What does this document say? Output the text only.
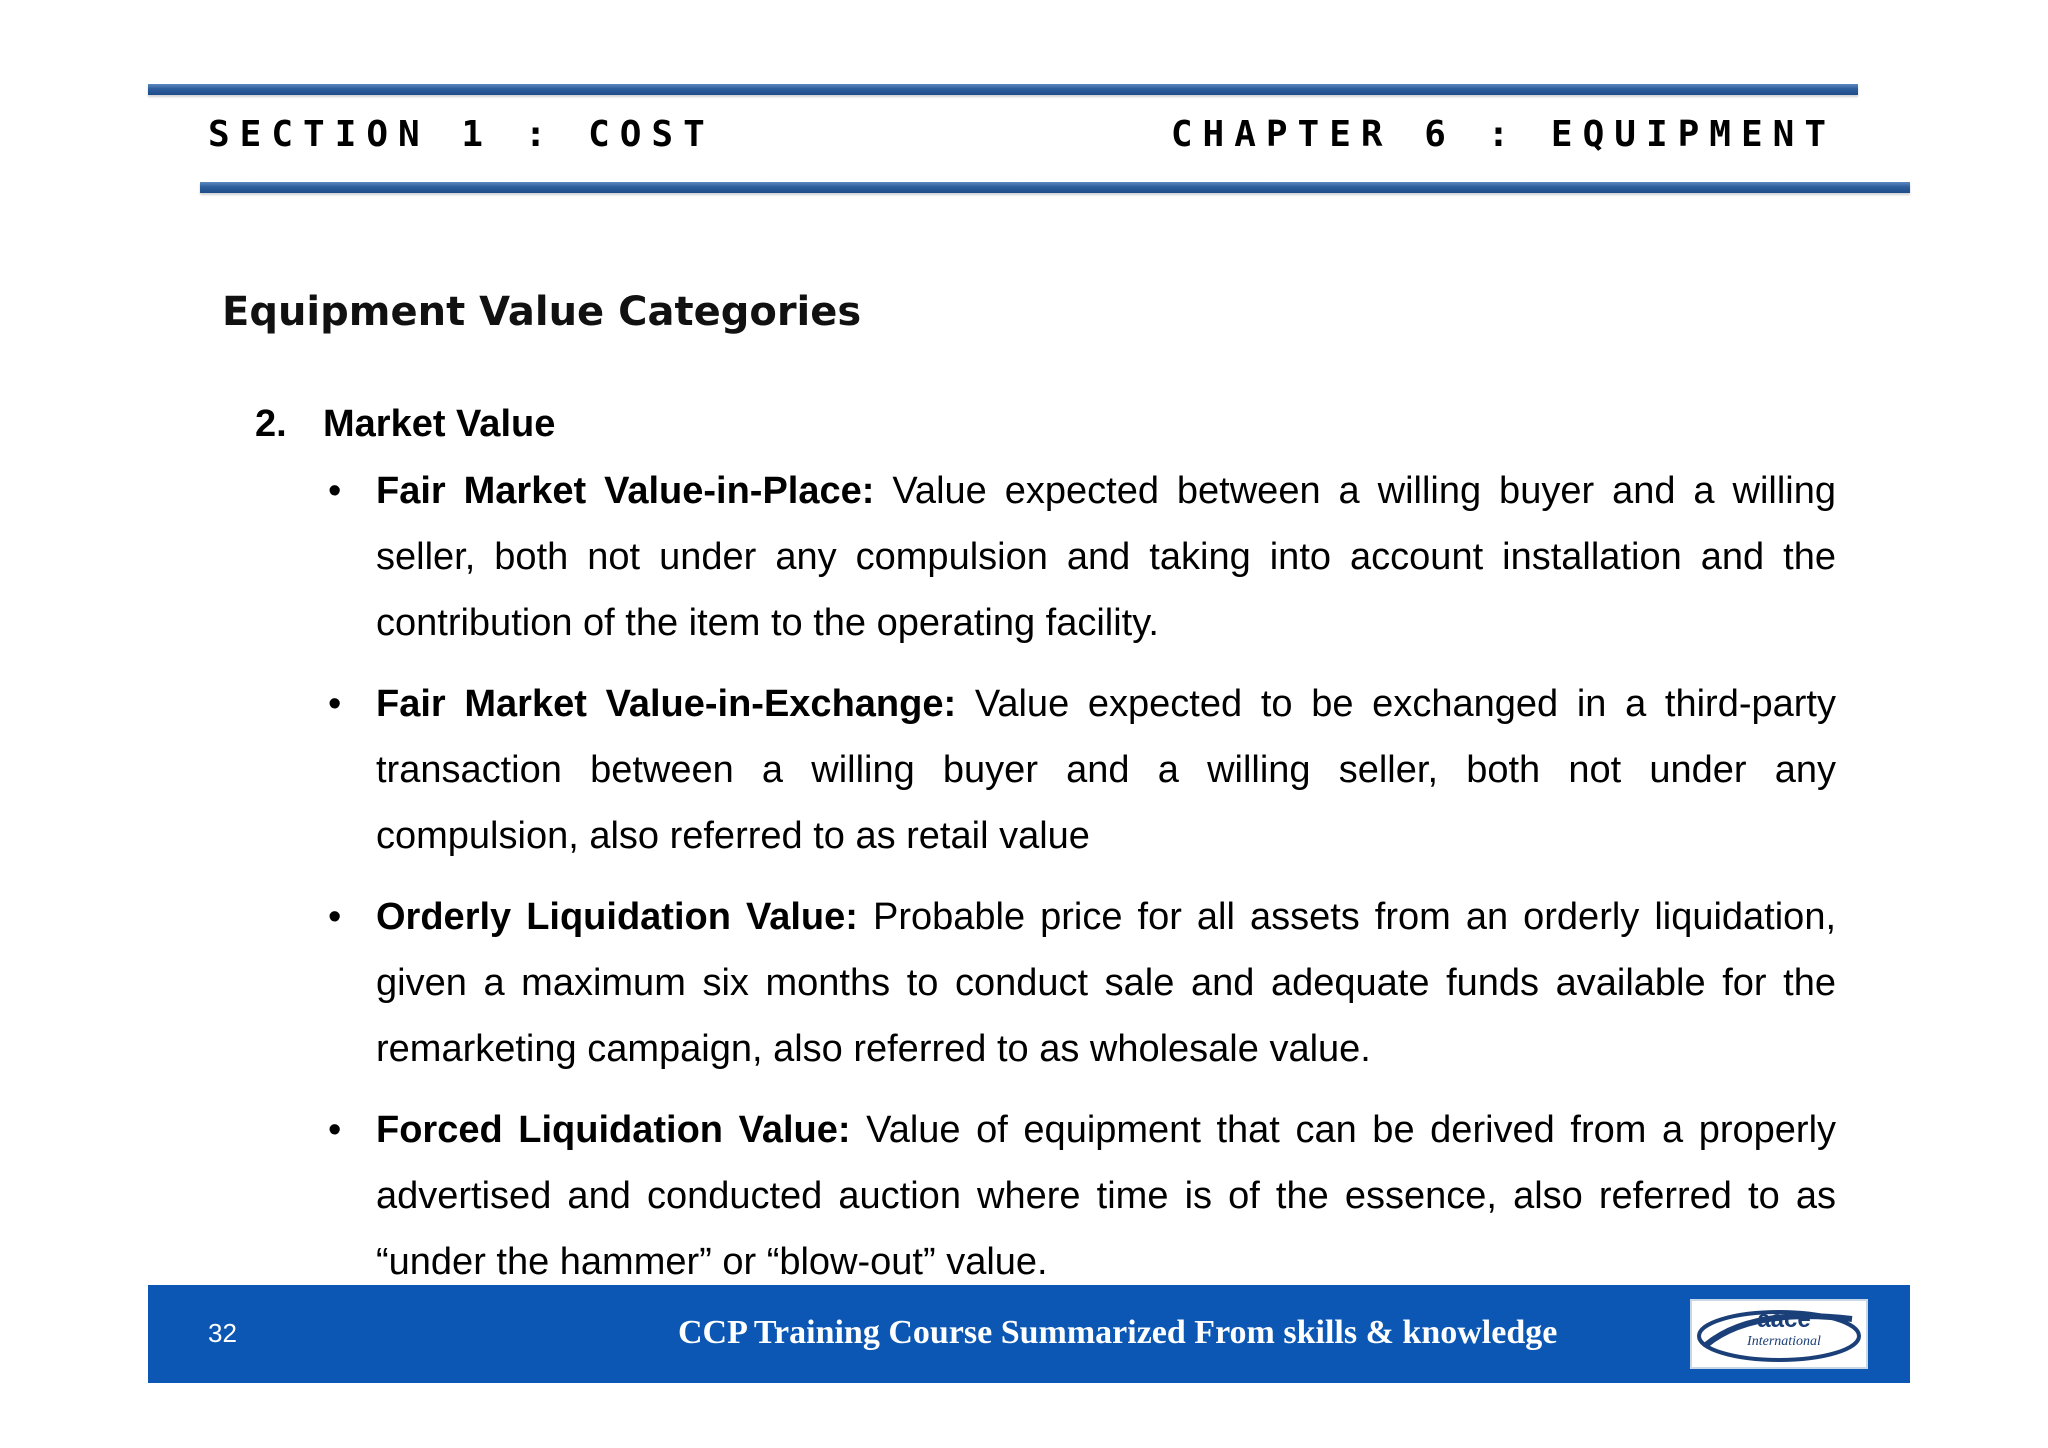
SECTION 1 : COST	CHAPTER 6 : EQUIPMENT
Equipment Value Categories
2. Market Value
• Fair Market Value-in-Place: Value expected between a willing buyer and a willing seller, both not under any compulsion and taking into account installation and the contribution of the item to the operating facility.
• Fair Market Value-in-Exchange: Value expected to be exchanged in a third-party transaction between a willing buyer and a willing seller, both not under any compulsion, also referred to as retail value
• Orderly Liquidation Value: Probable price for all assets from an orderly liquidation, given a maximum six months to conduct sale and adequate funds available for the remarketing campaign, also referred to as wholesale value.
• Forced Liquidation Value: Value of equipment that can be derived from a properly advertised and conducted auction where time is of the essence, also referred to as “under the hammer” or “blow-out” value.
32	CCP Training Course Summarized From skills & knowledge	aace
International
